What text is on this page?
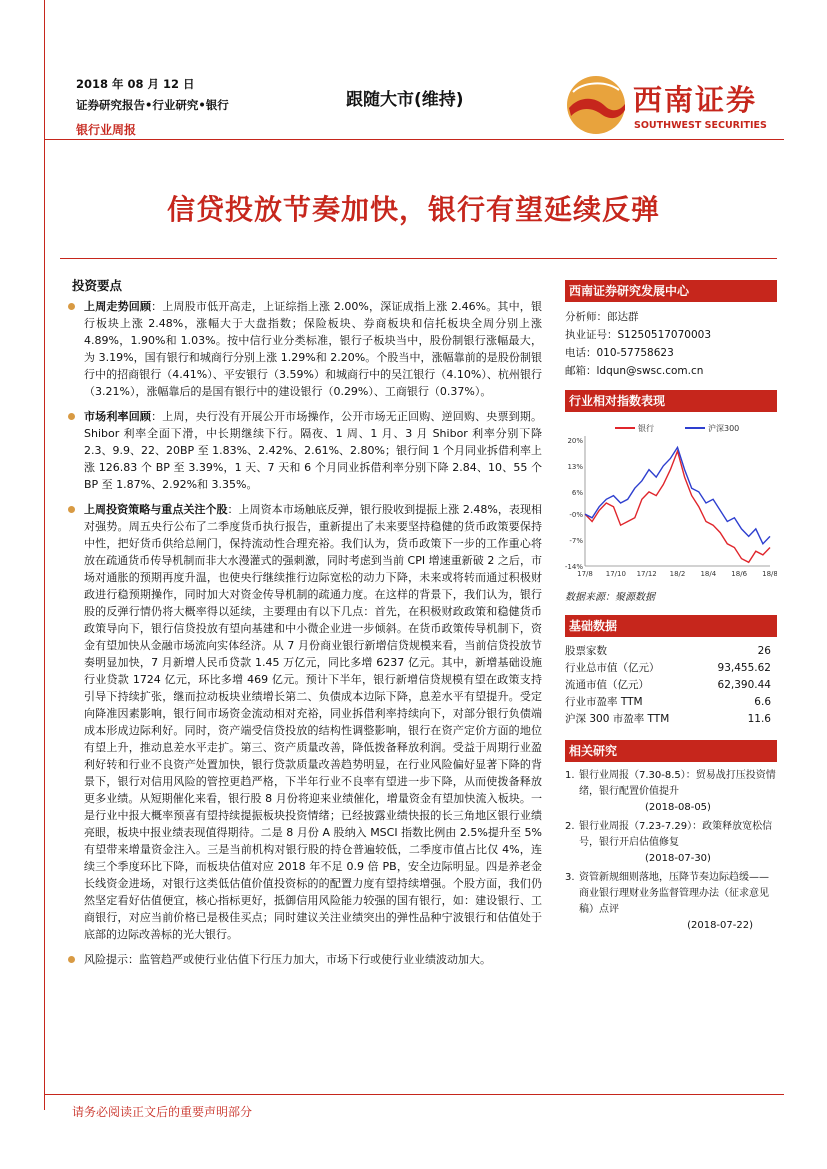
2018 年 08 月 12 日
证券研究报告•行业研究•银行
银行业周报
跟随大市(维持)	西南证券
SOUTHWEST SECURITIES
信贷投放节奏加快，银行有望延续反弹
投资要点
上周走势回顾：上周股市低开高走，上证综指上涨 2.00%，深证成指上涨 2.46%。其中，银行板块上涨 2.48%，涨幅大于大盘指数；保险板块、券商板块和信托板块全周分别上涨 4.89%，1.90%和 1.03%。按中信行业分类标准，银行子板块当中，股份制银行涨幅最大，为 3.19%，国有银行和城商行分别上涨 1.29%和 2.20%。个股当中，涨幅靠前的是股份制银行中的招商银行（4.41%）、平安银行（3.59%）和城商行中的吴江银行（4.10%）、杭州银行（3.21%），涨幅靠后的是国有银行中的建设银行（0.29%）、工商银行（0.37%）。
市场利率回顾：上周，央行没有开展公开市场操作，公开市场无正回购、逆回购、央票到期。Shibor 利率全面下滑，中长期继续下行。隔夜、1 周、1 月、3 月 Shibor 利率分别下降 2.3、9.9、22、20BP 至 1.83%、2.42%、2.61%、2.80%；银行间 1 个月同业拆借利率上涨 126.83 个 BP 至 3.39%，1 天、7 天和 6 个月同业拆借利率分别下降 2.84、10、55 个 BP 至 1.87%、2.92%和 3.35%。
上周投资策略与重点关注个股：上周资本市场触底反弹，银行股收到提振上涨 2.48%，表现相对强势。周五央行公布了二季度货币执行报告，重新提出了未来要坚持稳健的货币政策要保持中性，把好货币供给总闸门，保持流动性合理充裕。我们认为，货币政策下一步的工作重心将放在疏通货币传导机制而非大水漫灌式的强刺激，同时考虑到当前 CPI 增速重新破 2 之后，市场对通胀的预期再度升温，也使央行继续推行边际宽松的动力下降，未来或将转而通过积极财政进行稳预期操作，同时加大对资金传导机制的疏通力度。在这样的背景下，我们认为，银行股的反弹行情仍将大概率得以延续，主要理由有以下几点：首先，在积极财政政策和稳健货币政策导向下，银行信贷投放有望向基建和中小微企业进一步倾斜。在货币政策传导机制下，资金有望加快从金融市场流向实体经济。从 7 月份商业银行新增信贷规模来看，当前信贷投放节奏明显加快，7 月新增人民币贷款 1.45 万亿元，同比多增 6237 亿元。其中，新增基础设施行业贷款 1724 亿元，环比多增 469 亿元。预计下半年，银行新增信贷规模有望在政策支持引导下持续扩张，继而拉动板块业绩增长第二、负债成本边际下降，息差水平有望提升。受定向降准因素影响，银行间市场资金流动相对充裕，同业拆借利率持续向下，对部分银行负债端成本形成边际利好。同时，资产端受信贷投放的结构性调整影响，银行在资产定价方面的地位有望上升，推动息差水平走扩。第三、资产质量改善，降低拨备释放利润。受益于周期行业盈利好转和行业不良资产处置加快，银行贷款质量改善趋势明显，在行业风险偏好显著下降的背景下，银行对信用风险的管控更趋严格，下半年行业不良率有望进一步下降，从而使拨备释放更多业绩。从短期催化来看，银行股 8 月份将迎来业绩催化，增量资金有望加快流入板块。一是行业中报大概率预喜有望持续提振板块投资情绪；已经披露业绩快报的长三角地区银行业绩亮眼，板块中报业绩表现值得期待。二是 8 月份 A 股纳入 MSCI 指数比例由 2.5%提升至 5%有望带来增量资金注入。三是当前机构对银行股的持仓普遍较低，二季度市值占比仅 4%，连续三个季度环比下降，而板块估值对应 2018 年不足 0.9 倍 PB，安全边际明显。四是养老金长线资金进场，对银行这类低估值价值投资标的的配置力度有望持续增强。个股方面，我们仍然坚定看好估值便宜，核心指标更好，抵御信用风险能力较强的国有银行，如：建设银行、工商银行，对应当前价格已是极佳买点；同时建议关注业绩突出的弹性品种宁波银行和估值处于底部的边际改善标的光大银行。
风险提示：监管趋严或使行业估值下行压力加大，市场下行或使行业业绩波动加大。
西南证券研究发展中心
分析师：郎达群
执业证号：S1250517070003
电话：010-57758623
邮箱：ldqun@swsc.com.cn
行业相对指数表现
银行	沪深300
20%
13%
6%
-0%
-7%
-14%
17/8 17/10 17/12 18/2 18/4 18/6 18/8
数据来源：聚源数据
基础数据
股票家数	26
行业总市值（亿元）	93,455.62
流通市值（亿元）	62,390.44
行业市盈率 TTM	6.6
沪深 300 市盈率 TTM	11.6
相关研究
1. 银行业周报（7.30-8.5）：贸易战打压投资情绪，银行配置价值提升
(2018-08-05)
2. 银行业周报（7.23-7.29）：政策释放宽松信号，银行开启估值修复
(2018-07-30)
3. 资管新规细则落地，压降节奏边际趋缓——商业银行理财业务监督管理办法（征求意见稿）点评
(2018-07-22)
请务必阅读正文后的重要声明部分
